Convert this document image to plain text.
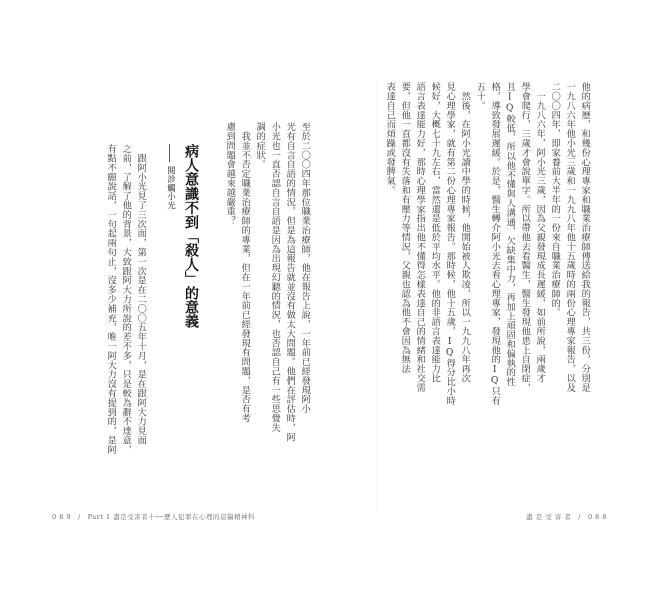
他的病歷，和幾份心理專家和職業治療師傳送給我的報告，共三份，分別是
一九八六年他小光三歲和一九九八年他十五歲時的兩份心理專家報告，以及
二〇〇四年，即家養前大半年的一份來自職業治療師的。
　一九八六年，阿小光三歲，因為父親發現成長遲緩，如前所說，兩歲才
學會爬行，三歲才會說單字。所以帶他去看醫生，醫生發現他患上自閉症，
且IQ較低，所以他不懂與人溝通，欠缺集中力，再加上頑固和偏執的性
格，導致發展遲緩。於是，醫生轉介阿小光去看心理專家，發現他的IQ只有
五十。
　然後，在阿小光讀中學的時候，他開始被人欺凌，所以一九九八年再次
見心理學家，就有第二份心理專家報告。那時候，他十五歲，IQ得分比小時
候好，大概七十九左右，當然還是低於平均水平。他的非語言表達能力比
語言表達能力好，那時心理學家指出他不懂得怎樣表達自己的情緒和社交需
要，但他一直都沒有失落和有壓力等情況，父親也認為他不會因為無法
表達自己而煩躁或發脾氣。
至於二〇〇四年那位職業治療師，他在報告上說，一年前已經發現阿小
光有自言自語的情況，但是為這報告就並沒有做太大問題。他們在評估時，阿
小光也一直否認自言自語是因為出現幻聽的情況，也否認自己有一些思覺失
調的症狀。
　我並不否定職業治療師的專業，但在一年前已經發現有問題，是否有考
慮到問題會越來越嚴重？
病人意識不到「殺人」的意義
閱診觸小光
　跟阿小光見了三次面，第一次是在二〇〇五年十月，是在跟阿大力見面
之前，了解了他的背景，大致跟阿大力所說的差不多，只是較為辭不達意，
有點不願說話，一句起兩句止，沒多少補充，唯一阿大力沒有提到的，是阿
0 8 9　/　Part 1 盡是受害者十──歷人犯罪在心理的這醫精神科	盡 是 受 害 者　/　0 8 8
